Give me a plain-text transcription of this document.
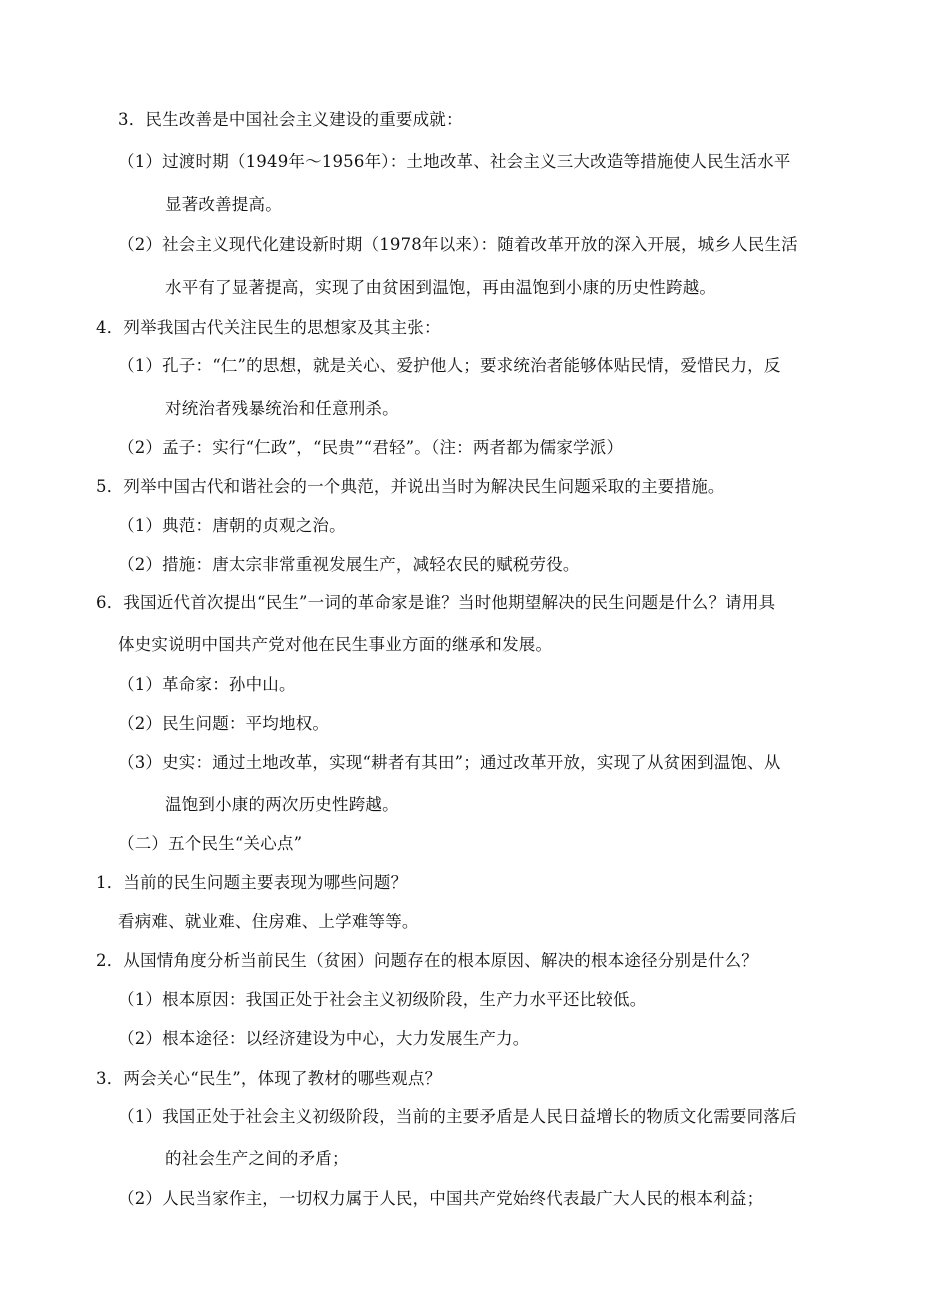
3．民生改善是中国社会主义建设的重要成就：
（1）过渡时期（1949年～1956年）：土地改革、社会主义三大改造等措施使人民生活水平
显著改善提高。
（2）社会主义现代化建设新时期（1978年以来）：随着改革开放的深入开展，城乡人民生活
水平有了显著提高，实现了由贫困到温饱，再由温饱到小康的历史性跨越。
4．列举我国古代关注民生的思想家及其主张：
（1）孔子：“仁”的思想，就是关心、爱护他人；要求统治者能够体贴民情，爱惜民力，反
对统治者残暴统治和任意刑杀。
（2）孟子：实行“仁政”，“民贵”“君轻”。（注：两者都为儒家学派）
5．列举中国古代和谐社会的一个典范，并说出当时为解决民生问题采取的主要措施。
（1）典范：唐朝的贞观之治。
（2）措施：唐太宗非常重视发展生产，减轻农民的赋税劳役。
6．我国近代首次提出“民生”一词的革命家是谁？当时他期望解决的民生问题是什么？请用具
体史实说明中国共产党对他在民生事业方面的继承和发展。
（1）革命家：孙中山。
（2）民生问题：平均地权。
（3）史实：通过土地改革，实现“耕者有其田”；通过改革开放，实现了从贫困到温饱、从
温饱到小康的两次历史性跨越。
（二）五个民生“关心点”
1．当前的民生问题主要表现为哪些问题？
看病难、就业难、住房难、上学难等等。
2．从国情角度分析当前民生（贫困）问题存在的根本原因、解决的根本途径分别是什么？
（1）根本原因：我国正处于社会主义初级阶段，生产力水平还比较低。
（2）根本途径：以经济建设为中心，大力发展生产力。
3．两会关心“民生”，体现了教材的哪些观点？
（1）我国正处于社会主义初级阶段，当前的主要矛盾是人民日益增长的物质文化需要同落后
的社会生产之间的矛盾；
（2）人民当家作主，一切权力属于人民，中国共产党始终代表最广大人民的根本利益；
